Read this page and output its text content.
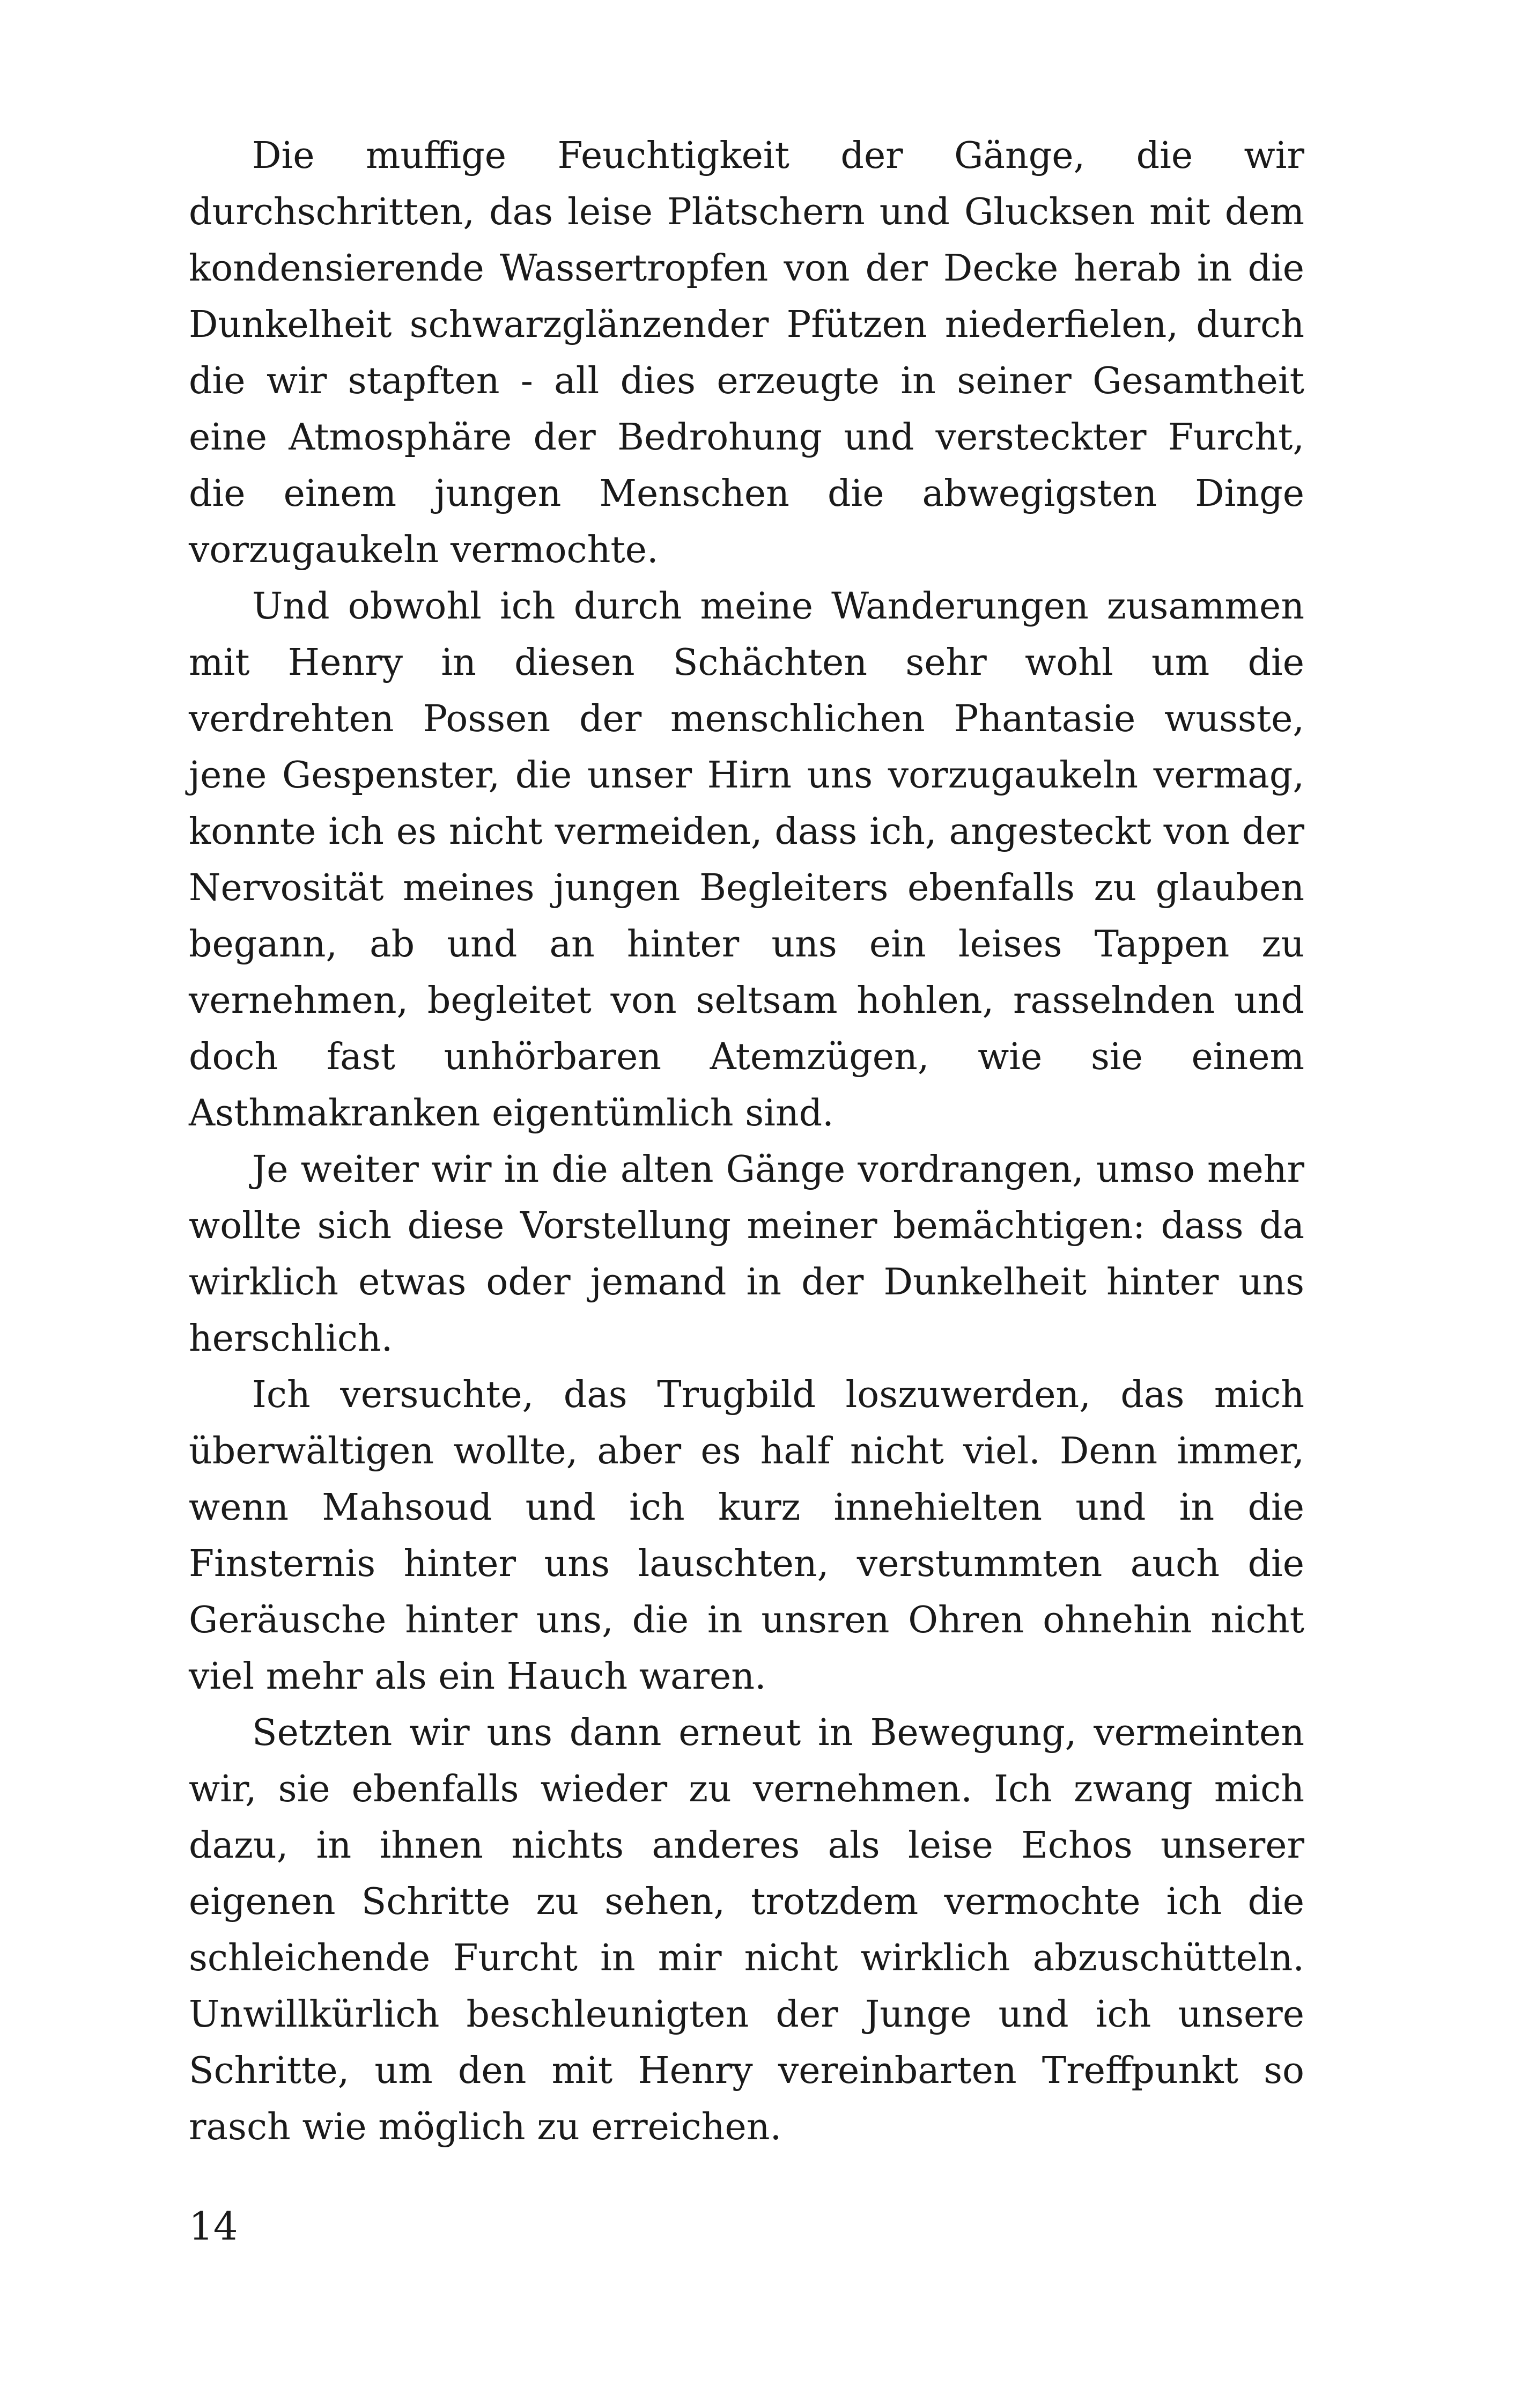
Die muffige Feuchtigkeit der Gänge, die wir durchschritten, das leise Plätschern und Glucksen mit dem kondensierende Wassertropfen von der Decke herab in die Dunkelheit schwarzglänzender Pfützen niederfielen, durch die wir stapften - all dies erzeugte in seiner Gesamtheit eine Atmosphäre der Bedrohung und versteckter Furcht, die einem jungen Menschen die abwegigsten Dinge vorzugaukeln vermochte.

Und obwohl ich durch meine Wanderungen zusammen mit Henry in diesen Schächten sehr wohl um die verdrehten Possen der menschlichen Phantasie wusste, jene Gespenster, die unser Hirn uns vorzugaukeln vermag, konnte ich es nicht vermeiden, dass ich, angesteckt von der Nervosität meines jungen Begleiters ebenfalls zu glauben begann, ab und an hinter uns ein leises Tappen zu vernehmen, begleitet von seltsam hohlen, rasselnden und doch fast unhörbaren Atemzügen, wie sie einem Asthmakranken eigentümlich sind.

Je weiter wir in die alten Gänge vordrangen, umso mehr wollte sich diese Vorstellung meiner bemächtigen: dass da wirklich etwas oder jemand in der Dunkelheit hinter uns herschlich.

Ich versuchte, das Trugbild loszuwerden, das mich überwältigen wollte, aber es half nicht viel. Denn immer, wenn Mahsoud und ich kurz innehielten und in die Finsternis hinter uns lauschten, verstummten auch die Geräusche hinter uns, die in unsren Ohren ohnehin nicht viel mehr als ein Hauch waren.

Setzten wir uns dann erneut in Bewegung, vermeinten wir, sie ebenfalls wieder zu vernehmen. Ich zwang mich dazu, in ihnen nichts anderes als leise Echos unserer eigenen Schritte zu sehen, trotzdem vermochte ich die schleichende Furcht in mir nicht wirklich abzuschütteln. Unwillkürlich beschleunigten der Junge und ich unsere Schritte, um den mit Henry vereinbarten Treffpunkt so rasch wie möglich zu erreichen.

14
